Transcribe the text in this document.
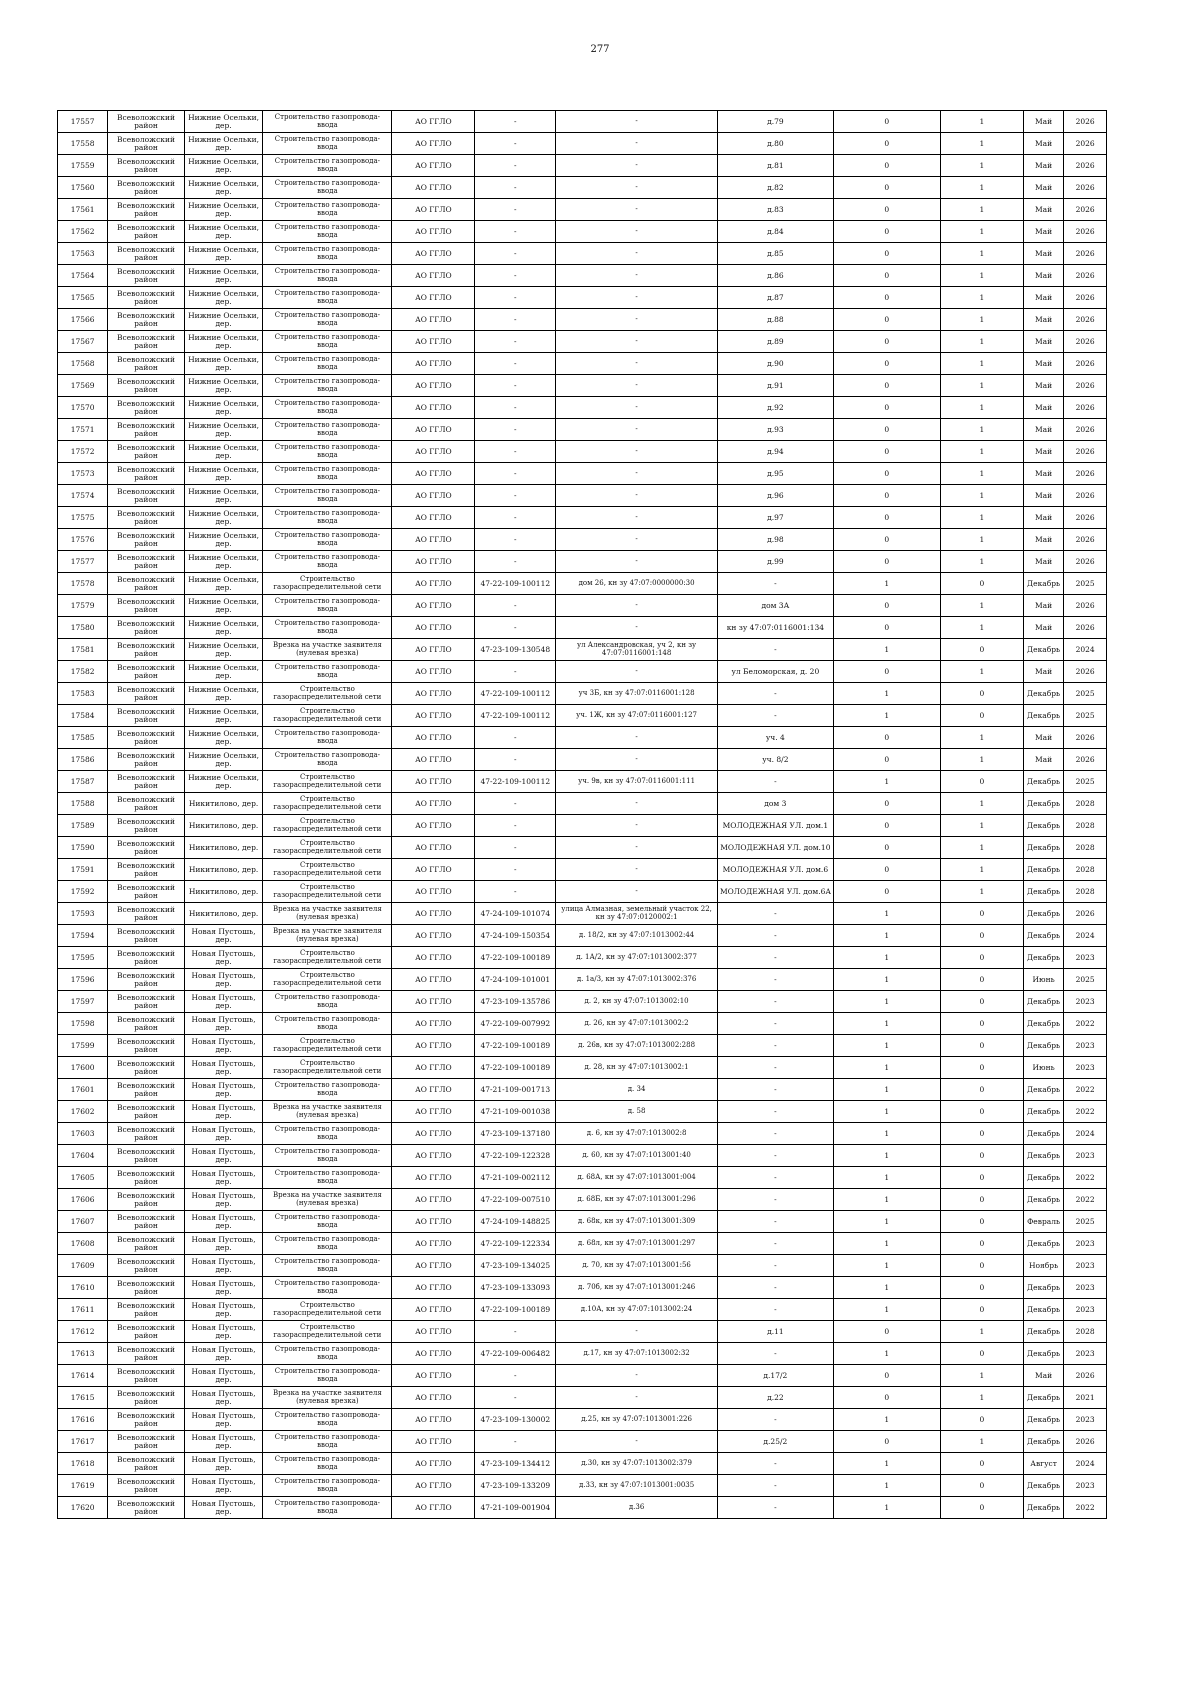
277
17557	Всеволожский район	Нижние Осельки, дер.	Строительство газопровода-ввода	АО ГГЛО	-	-	д.79	0	1	Май	2026
17558	Всеволожский район	Нижние Осельки, дер.	Строительство газопровода-ввода	АО ГГЛО	-	-	д.80	0	1	Май	2026
17559	Всеволожский район	Нижние Осельки, дер.	Строительство газопровода-ввода	АО ГГЛО	-	-	д.81	0	1	Май	2026
17560	Всеволожский район	Нижние Осельки, дер.	Строительство газопровода-ввода	АО ГГЛО	-	-	д.82	0	1	Май	2026
17561	Всеволожский район	Нижние Осельки, дер.	Строительство газопровода-ввода	АО ГГЛО	-	-	д.83	0	1	Май	2026
17562	Всеволожский район	Нижние Осельки, дер.	Строительство газопровода-ввода	АО ГГЛО	-	-	д.84	0	1	Май	2026
17563	Всеволожский район	Нижние Осельки, дер.	Строительство газопровода-ввода	АО ГГЛО	-	-	д.85	0	1	Май	2026
17564	Всеволожский район	Нижние Осельки, дер.	Строительство газопровода-ввода	АО ГГЛО	-	-	д.86	0	1	Май	2026
17565	Всеволожский район	Нижние Осельки, дер.	Строительство газопровода-ввода	АО ГГЛО	-	-	д.87	0	1	Май	2026
17566	Всеволожский район	Нижние Осельки, дер.	Строительство газопровода-ввода	АО ГГЛО	-	-	д.88	0	1	Май	2026
17567	Всеволожский район	Нижние Осельки, дер.	Строительство газопровода-ввода	АО ГГЛО	-	-	д.89	0	1	Май	2026
17568	Всеволожский район	Нижние Осельки, дер.	Строительство газопровода-ввода	АО ГГЛО	-	-	д.90	0	1	Май	2026
17569	Всеволожский район	Нижние Осельки, дер.	Строительство газопровода-ввода	АО ГГЛО	-	-	д.91	0	1	Май	2026
17570	Всеволожский район	Нижние Осельки, дер.	Строительство газопровода-ввода	АО ГГЛО	-	-	д.92	0	1	Май	2026
17571	Всеволожский район	Нижние Осельки, дер.	Строительство газопровода-ввода	АО ГГЛО	-	-	д.93	0	1	Май	2026
17572	Всеволожский район	Нижние Осельки, дер.	Строительство газопровода-ввода	АО ГГЛО	-	-	д.94	0	1	Май	2026
17573	Всеволожский район	Нижние Осельки, дер.	Строительство газопровода-ввода	АО ГГЛО	-	-	д.95	0	1	Май	2026
17574	Всеволожский район	Нижние Осельки, дер.	Строительство газопровода-ввода	АО ГГЛО	-	-	д.96	0	1	Май	2026
17575	Всеволожский район	Нижние Осельки, дер.	Строительство газопровода-ввода	АО ГГЛО	-	-	д.97	0	1	Май	2026
17576	Всеволожский район	Нижние Осельки, дер.	Строительство газопровода-ввода	АО ГГЛО	-	-	д.98	0	1	Май	2026
17577	Всеволожский район	Нижние Осельки, дер.	Строительство газопровода-ввода	АО ГГЛО	-	-	д.99	0	1	Май	2026
17578	Всеволожский район	Нижние Осельки, дер.	Строительство газораспределительной сети	АО ГГЛО	47-22-109-100112	дом 26, кн зу 47:07:0000000:30	-	1	0	Декабрь	2025
17579	Всеволожский район	Нижние Осельки, дер.	Строительство газопровода-ввода	АО ГГЛО	-	-	дом 3А	0	1	Май	2026
17580	Всеволожский район	Нижние Осельки, дер.	Строительство газопровода-ввода	АО ГГЛО	-	-	кн зу 47:07:0116001:134	0	1	Май	2026
17581	Всеволожский район	Нижние Осельки, дер.	Врезка на участке заявителя (нулевая врезка)	АО ГГЛО	47-23-109-130548	ул Александровская, уч 2, кн зу 47:07:0116001:148	-	1	0	Декабрь	2024
17582	Всеволожский район	Нижние Осельки, дер.	Строительство газопровода-ввода	АО ГГЛО	-	-	ул Беломорская, д. 20	0	1	Май	2026
17583	Всеволожский район	Нижние Осельки, дер.	Строительство газораспределительной сети	АО ГГЛО	47-22-109-100112	уч 3Б, кн зу 47:07:0116001:128	-	1	0	Декабрь	2025
17584	Всеволожский район	Нижние Осельки, дер.	Строительство газораспределительной сети	АО ГГЛО	47-22-109-100112	уч. 1Ж, кн зу 47:07:0116001:127	-	1	0	Декабрь	2025
17585	Всеволожский район	Нижние Осельки, дер.	Строительство газопровода-ввода	АО ГГЛО	-	-	уч. 4	0	1	Май	2026
17586	Всеволожский район	Нижние Осельки, дер.	Строительство газопровода-ввода	АО ГГЛО	-	-	уч. 8/2	0	1	Май	2026
17587	Всеволожский район	Нижние Осельки, дер.	Строительство газораспределительной сети	АО ГГЛО	47-22-109-100112	уч. 9в, кн зу 47:07:0116001:111	-	1	0	Декабрь	2025
17588	Всеволожский район	Никитилово, дер.	Строительство газораспределительной сети	АО ГГЛО	-	-	дом 3	0	1	Декабрь	2028
17589	Всеволожский район	Никитилово, дер.	Строительство газораспределительной сети	АО ГГЛО	-	-	МОЛОДЕЖНАЯ УЛ. дом.1	0	1	Декабрь	2028
17590	Всеволожский район	Никитилово, дер.	Строительство газораспределительной сети	АО ГГЛО	-	-	МОЛОДЕЖНАЯ УЛ. дом.10	0	1	Декабрь	2028
17591	Всеволожский район	Никитилово, дер.	Строительство газораспределительной сети	АО ГГЛО	-	-	МОЛОДЕЖНАЯ УЛ. дом.6	0	1	Декабрь	2028
17592	Всеволожский район	Никитилово, дер.	Строительство газораспределительной сети	АО ГГЛО	-	-	МОЛОДЕЖНАЯ УЛ. дом.6А	0	1	Декабрь	2028
17593	Всеволожский район	Никитилово, дер.	Врезка на участке заявителя (нулевая врезка)	АО ГГЛО	47-24-109-101074	улица Алмазная, земельный участок 22, кн зу 47:07:0120002:1	-	1	0	Декабрь	2026
17594	Всеволожский район	Новая Пустошь, дер.	Врезка на участке заявителя (нулевая врезка)	АО ГГЛО	47-24-109-150354	д. 18/2, кн зу 47:07:1013002:44	-	1	0	Декабрь	2024
17595	Всеволожский район	Новая Пустошь, дер.	Строительство газораспределительной сети	АО ГГЛО	47-22-109-100189	д. 1А/2, кн зу 47:07:1013002:377	-	1	0	Декабрь	2023
17596	Всеволожский район	Новая Пустошь, дер.	Строительство газораспределительной сети	АО ГГЛО	47-24-109-101001	д. 1а/3, кн зу 47:07:1013002:376	-	1	0	Июнь	2025
17597	Всеволожский район	Новая Пустошь, дер.	Строительство газопровода-ввода	АО ГГЛО	47-23-109-135786	д. 2, кн зу 47:07:1013002:10	-	1	0	Декабрь	2023
17598	Всеволожский район	Новая Пустошь, дер.	Строительство газопровода-ввода	АО ГГЛО	47-22-109-007992	д. 26, кн зу 47:07:1013002:2	-	1	0	Декабрь	2022
17599	Всеволожский район	Новая Пустошь, дер.	Строительство газораспределительной сети	АО ГГЛО	47-22-109-100189	д. 26в, кн зу 47:07:1013002:288	-	1	0	Декабрь	2023
17600	Всеволожский район	Новая Пустошь, дер.	Строительство газораспределительной сети	АО ГГЛО	47-22-109-100189	д. 28, кн зу 47:07:1013002:1	-	1	0	Июнь	2023
17601	Всеволожский район	Новая Пустошь, дер.	Строительство газопровода-ввода	АО ГГЛО	47-21-109-001713	д. 34	-	1	0	Декабрь	2022
17602	Всеволожский район	Новая Пустошь, дер.	Врезка на участке заявителя (нулевая врезка)	АО ГГЛО	47-21-109-001038	д. 58	-	1	0	Декабрь	2022
17603	Всеволожский район	Новая Пустошь, дер.	Строительство газопровода-ввода	АО ГГЛО	47-23-109-137180	д. 6, кн зу 47:07:1013002:8	-	1	0	Декабрь	2024
17604	Всеволожский район	Новая Пустошь, дер.	Строительство газопровода-ввода	АО ГГЛО	47-22-109-122328	д. 60, кн зу 47:07:1013001:40	-	1	0	Декабрь	2023
17605	Всеволожский район	Новая Пустошь, дер.	Строительство газопровода-ввода	АО ГГЛО	47-21-109-002112	д. 68А, кн зу 47:07:1013001:004	-	1	0	Декабрь	2022
17606	Всеволожский район	Новая Пустошь, дер.	Врезка на участке заявителя (нулевая врезка)	АО ГГЛО	47-22-109-007510	д. 68Б, кн зу 47:07:1013001:296	-	1	0	Декабрь	2022
17607	Всеволожский район	Новая Пустошь, дер.	Строительство газопровода-ввода	АО ГГЛО	47-24-109-148825	д. 68к, кн зу 47:07:1013001:309	-	1	0	Февраль	2025
17608	Всеволожский район	Новая Пустошь, дер.	Строительство газопровода-ввода	АО ГГЛО	47-22-109-122334	д. 68л, кн зу 47:07:1013001:297	-	1	0	Декабрь	2023
17609	Всеволожский район	Новая Пустошь, дер.	Строительство газопровода-ввода	АО ГГЛО	47-23-109-134025	д. 70, кн зу 47:07:1013001:56	-	1	0	Ноябрь	2023
17610	Всеволожский район	Новая Пустошь, дер.	Строительство газопровода-ввода	АО ГГЛО	47-23-109-133093	д. 70б, кн зу 47:07:1013001:246	-	1	0	Декабрь	2023
17611	Всеволожский район	Новая Пустошь, дер.	Строительство газораспределительной сети	АО ГГЛО	47-22-109-100189	д.10А, кн зу 47:07:1013002:24	-	1	0	Декабрь	2023
17612	Всеволожский район	Новая Пустошь, дер.	Строительство газораспределительной сети	АО ГГЛО	-	-	д.11	0	1	Декабрь	2028
17613	Всеволожский район	Новая Пустошь, дер.	Строительство газопровода-ввода	АО ГГЛО	47-22-109-006482	д.17, кн зу 47:07:1013002:32	-	1	0	Декабрь	2023
17614	Всеволожский район	Новая Пустошь, дер.	Строительство газопровода-ввода	АО ГГЛО	-	-	д.17/2	0	1	Май	2026
17615	Всеволожский район	Новая Пустошь, дер.	Врезка на участке заявителя (нулевая врезка)	АО ГГЛО	-	-	д.22	0	1	Декабрь	2021
17616	Всеволожский район	Новая Пустошь, дер.	Строительство газопровода-ввода	АО ГГЛО	47-23-109-130002	д.25, кн зу 47:07:1013001:226	-	1	0	Декабрь	2023
17617	Всеволожский район	Новая Пустошь, дер.	Строительство газопровода-ввода	АО ГГЛО	-	-	д.25/2	0	1	Декабрь	2026
17618	Всеволожский район	Новая Пустошь, дер.	Строительство газопровода-ввода	АО ГГЛО	47-23-109-134412	д.30, кн зу 47:07:1013002:379	-	1	0	Август	2024
17619	Всеволожский район	Новая Пустошь, дер.	Строительство газопровода-ввода	АО ГГЛО	47-23-109-133209	д.33, кн зу 47:07:1013001:0035	-	1	0	Декабрь	2023
17620	Всеволожский район	Новая Пустошь, дер.	Строительство газопровода-ввода	АО ГГЛО	47-21-109-001904	д.36	-	1	0	Декабрь	2022
